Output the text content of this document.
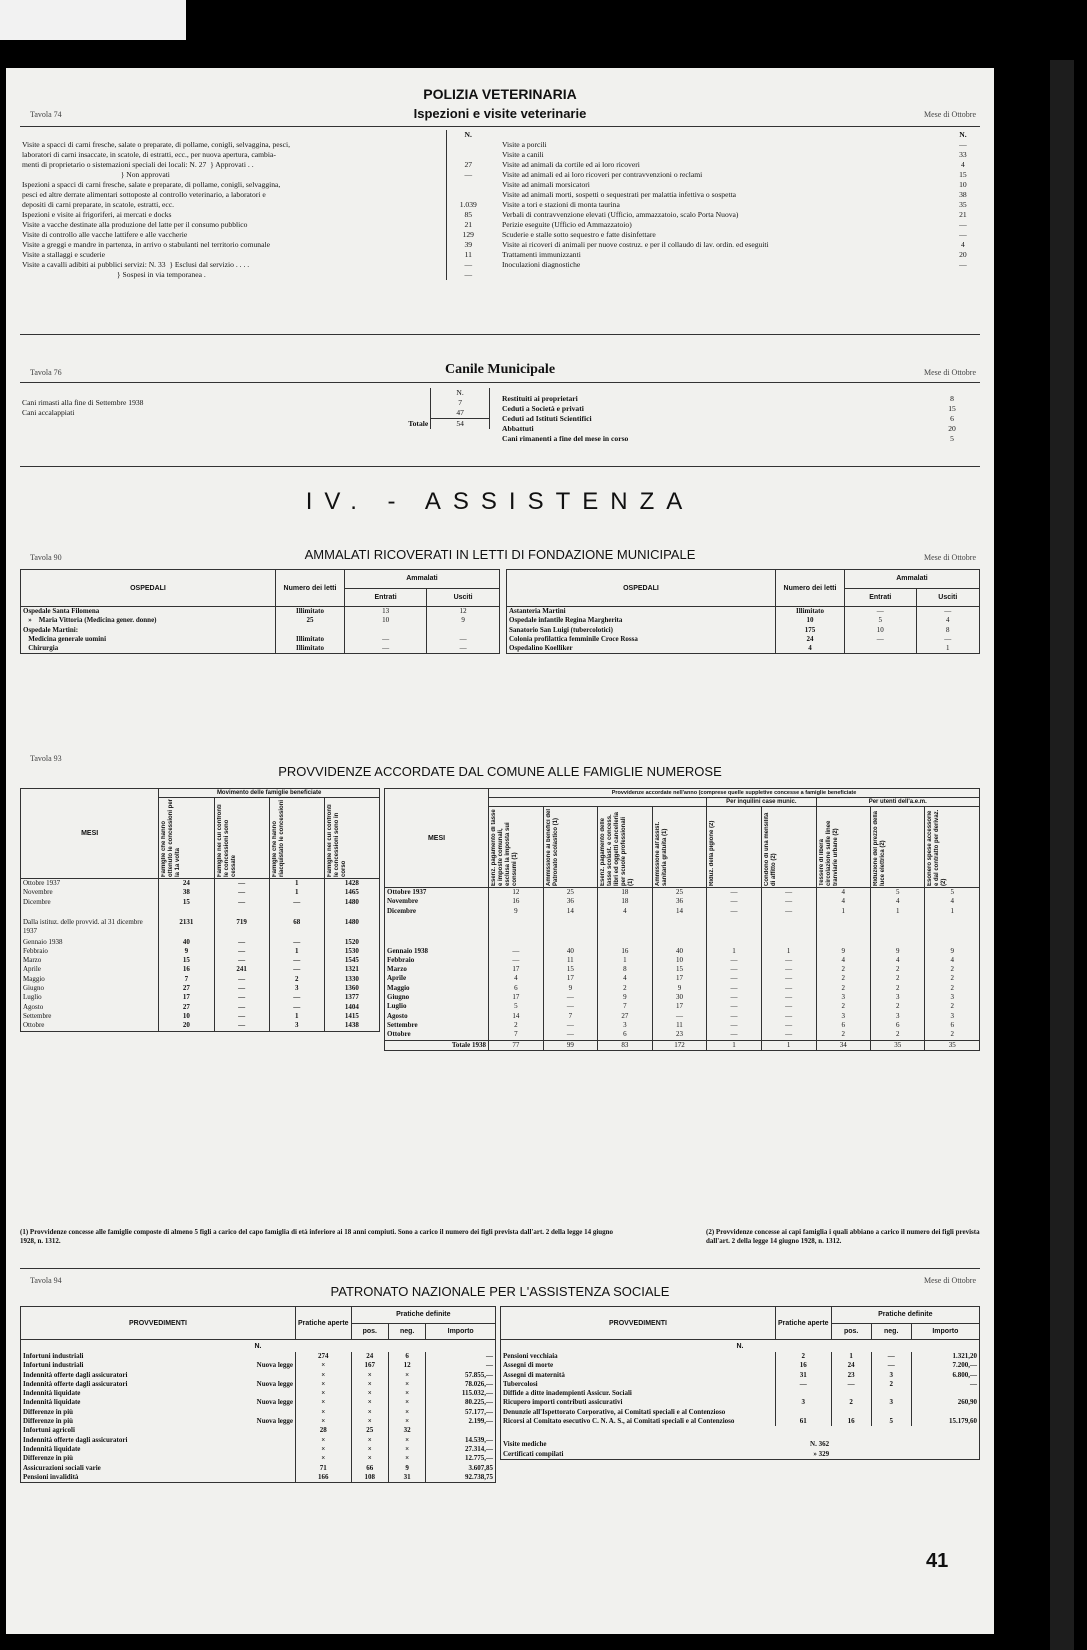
POLIZIA VETERINARIA
Tavola 74	Ispezioni e visite veterinarie	Mese di Ottobre
	N.
Visite a spacci di carni fresche, salate o preparate, di pollame, conigli, selvaggina, pesci,	
laboratori di carni insaccate, in scatole, di estratti, ecc., per nuova apertura, cambia-	
menti di proprietario o sistemazioni speciali dei locali: N. 27  } Approvati . .	27
} Non approvati	—
Ispezioni a spacci di carni fresche, salate e preparate, di pollame, conigli, selvaggina,	
pesci ed altre derrate alimentari sottoposte al controllo veterinario, a laboratori e	
depositi di carni preparate, in scatole, estratti, ecc.	1.039
Ispezioni e visite ai frigoriferi, ai mercati e docks	85
Visite a vacche destinate alla produzione del latte per il consumo pubblico	21
Visite di controllo alle vacche lattifere e alle vaccherie	129
Visite a greggi e mandre in partenza, in arrivo o stabulanti nel territorio comunale	39
Visite a stallaggi e scuderie	11
Visite a cavalli adibiti ai pubblici servizi: N. 33  } Esclusi dal servizio . . . .	—
} Sospesi in via temporanea .	—
	N.
Visite a porcili	—
Visite a canili	33
Visite ad animali da cortile ed ai loro ricoveri	4
Visite ad animali ed ai loro ricoveri per contravvenzioni o reclami	15
Visite ad animali morsicatori	10
Visite ad animali morti, sospetti o sequestrati per malattia infettiva o sospetta	38
Visite a tori e stazioni di monta taurina	35
Verbali di contravvenzione elevati (Ufficio, ammazzatoio, scalo Porta Nuova)	21
Perizie eseguite (Ufficio ed Ammazzatoio)	—
Scuderie e stalle sotto sequestro e fatte disinfettare	—
Visite ai ricoveri di animali per nuove costruz. e per il collaudo di lav. ordin. ed eseguiti	4
Trattamenti immunizzanti	20
Inoculazioni diagnostiche	—
Tavola 76	Canile Municipale	Mese di Ottobre
	N.
Cani rimasti alla fine di Settembre 1938	7
Cani accalappiati	47
Totale	54
Restituiti ai proprietari	8
Ceduti a Società e privati	15
Ceduti ad Istituti Scientifici	6
Abbattuti	20
Cani rimanenti a fine del mese in corso	5
IV. - ASSISTENZA
Tavola 90	AMMALATI RICOVERATI IN LETTI DI FONDAZIONE MUNICIPALE	Mese di Ottobre
OSPEDALI	Numero dei letti	Ammalati	
		Entrati	Usciti
Ospedale Santa Filomena	Illimitato	13	12
»    Maria Vittoria (Medicina gener. donne)	25	10	9
Ospedale Martini:			
Medicina generale uomini	Illimitato	—	—
Chirurgia	Illimitato	—	—
OSPEDALI	Numero dei letti	Ammalati	
		Entrati	Usciti
Astanteria Martini	Illimitato	—	—
Ospedale infantile Regina Margherita	10	5	4
Sanatorio San Luigi (tubercolotici)	175	10	8
Colonia profilattica femminile Croce Rossa	24	—	—
Ospedalino Koelliker	4		1
Tavola 93
PROVVIDENZE ACCORDATE DAL COMUNE ALLE FAMIGLIE NUMEROSE
MESI	Movimento delle famiglie beneficiate			

	Famiglie che hanno ottenuto le concessioni per la 1a volta	Famiglie nei cui confronti le concessioni sono cessate	Famiglie che hanno riacquistato le concessioni	Famiglie nei cui confronti le concessioni sono in corso

Ottobre 1937	24	—	1	1428
Novembre	38	—	1	1465
Dicembre	15	—	—	1480
Dalla istituz. delle provvid. al 31 dicembre 1937	2131	719	68	1480
Gennaio 1938	40	—	—	1520
Febbraio	9	—	1	1530
Marzo	15	—	—	1545
Aprile	16	241	—	1321
Maggio	7	—	2	1330
Giugno	27	—	3	1360
Luglio	17	—	—	1377
Agosto	27	—	—	1404
Settembre	10	—	1	1415
Ottobre	20	—	3	1438
MESI	Provvidenze accordate nell'anno (comprese quelle suppletive concesse a famiglie beneficiate								
					Per inquilini case munic.		Per utenti dell'a.e.m.		

	Esenz. pagamento di tasse e imposte comunali, esclusa la imposta sui consumi (1)	Ammissione ai benefici del Patronato scolastico (1)	Esenz. pagamento delle tasse scolast. e concess. libri ed oggetti cancelleria per scuole professionali (1)	Ammissione all'assist. sanitaria gratuita (1)	Riduz. della pigione (2)	Condono di una mensilità di affitto (2)	Tessere di libera circolazione sulle linee tranviarie urbane (2)	Riduzione del prezzo della luce elettrica (2)	Esonero spese accessorie e dal contratto per derivaz. (2)

Ottobre 1937	12	25	18	25	—	—	4	5	5
Novembre	16	36	18	36	—	—	4	4	4
Dicembre	9	14	4	14	—	—	1	1	1

Gennaio 1938	—	40	16	40	1	1	9	9	9
Febbraio	—	11	1	10	—	—	4	4	4
Marzo	17	15	8	15	—	—	2	2	2
Aprile	4	17	4	17	—	—	2	2	2
Maggio	6	9	2	9	—	—	2	2	2
Giugno	17	—	9	30	—	—	3	3	3
Luglio	5	—	7	17	—	—	2	2	2
Agosto	14	7	27	—	—	—	3	3	3
Settembre	2	—	3	11	—	—	6	6	6
Ottobre	7	—	6	23	—	—	2	2	2
Totale 1938	77	99	83	172	1	1	34	35	35
(1) Provvidenze concesse alle famiglie composte di almeno 5 figli a carico del capo famiglia di età inferiore ai 18 anni compiuti. Sono a carico il numero dei figli prevista dall'art. 2 della legge 14 giugno 1928, n. 1312.
(2) Provvidenze concesse ai capi famiglia i quali abbiano a carico il numero dei figli prevista dall'art. 2 della legge 14 giugno 1928, n. 1312.
Tavola 94	Mese di Ottobre
PATRONATO NAZIONALE PER L'ASSISTENZA SOCIALE
PROVVEDIMENTI	Pratiche aperte	Pratiche definite		
		pos.	neg.	Importo
N.				
Infortuni industriali	274	24	6	—
Infortuni industriali Nuova legge	×	167	12	—
Indennità offerte dagli assicuratori	×	×	×	57.855,—
Indennità offerte dagli assicuratori Nuova legge	×	×	×	78.026,—
Indennità liquidate	×	×	×	115.032,—
Indennità liquidate Nuova legge	×	×	×	80.225,—
Differenze in più	×	×	×	57.177,—
Differenze in più Nuova legge	×	×	×	2.199,—
Infortuni agricoli	28	25	32	
Indennità offerte dagli assicuratori	×	×	×	14.539,—
Indennità liquidate	×	×	×	27.314,—
Differenze in più	×	×	×	12.775,—
Assicurazioni sociali varie	71	66	9	3.607,85
Pensioni invalidità	166	108	31	92.738,75
PROVVEDIMENTI	Pratiche aperte	Pratiche definite		
		pos.	neg.	Importo
N.				
Pensioni vecchiaia	2	1	—	1.321,20
Assegni di morte	16	24	—	7.200,—
Assegni di maternità	31	23	3	6.800,—
Tubercolosi	—	—	2	—
Diffide a ditte inadempienti Assicur. Sociali				
Ricupero importi contributi assicurativi	3	2	3	260,90
Denunzie all'Ispettorato Corporativo, ai Comitati speciali e al Contenzioso				
Ricorsi al Comitato esecutivo C. N. A. S., ai Comitati speciali e al Contenzioso	61	16	5	15.179,60
Visite mediche	N. 362			
Certificati compilati	» 329			
41
